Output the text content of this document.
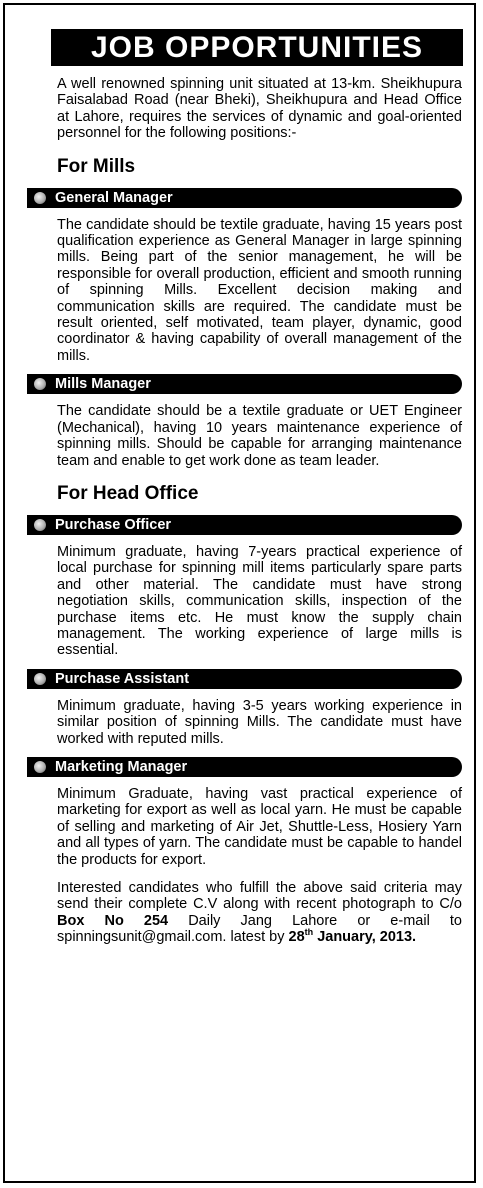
JOB OPPORTUNITIES

A well renowned spinning unit situated at 13-km. Sheikhupura Faisalabad Road (near Bheki), Sheikhupura and Head Office at Lahore, requires the services of dynamic and goal-oriented personnel for the following positions:-

For Mills
General Manager

The candidate should be textile graduate, having 15 years post qualification experience as General Manager in large spinning mills. Being part of the senior management, he will be responsible for overall production, efficient and smooth running of spinning Mills. Excellent decision making and communication skills are required. The candidate must be result oriented, self motivated, team player, dynamic, good coordinator & having capability of overall management of the mills.

Mills Manager

The candidate should be a textile graduate or UET Engineer (Mechanical), having 10 years maintenance experience of spinning mills. Should be capable for arranging maintenance team and enable to get work done as team leader.

For Head Office
Purchase Officer

Minimum graduate, having 7-years practical experience of local purchase for spinning mill items particularly spare parts and other material. The candidate must have strong negotiation skills, communication skills, inspection of the purchase items etc. He must know the supply chain management. The working experience of large mills is essential.

Purchase Assistant

Minimum graduate, having 3-5 years working experience in similar position of spinning Mills. The candidate must have worked with reputed mills.

Marketing Manager

Minimum Graduate, having vast practical experience of marketing for export as well as local yarn. He must be capable of selling and marketing of Air Jet, Shuttle-Less, Hosiery Yarn and all types of yarn. The candidate must be capable to handel the products for export.

Interested candidates who fulfill the above said criteria may send their complete C.V along with recent photograph to C/o Box No 254 Daily Jang Lahore or e-mail to spinningsunit@gmail.com. latest by 28th January, 2013.
